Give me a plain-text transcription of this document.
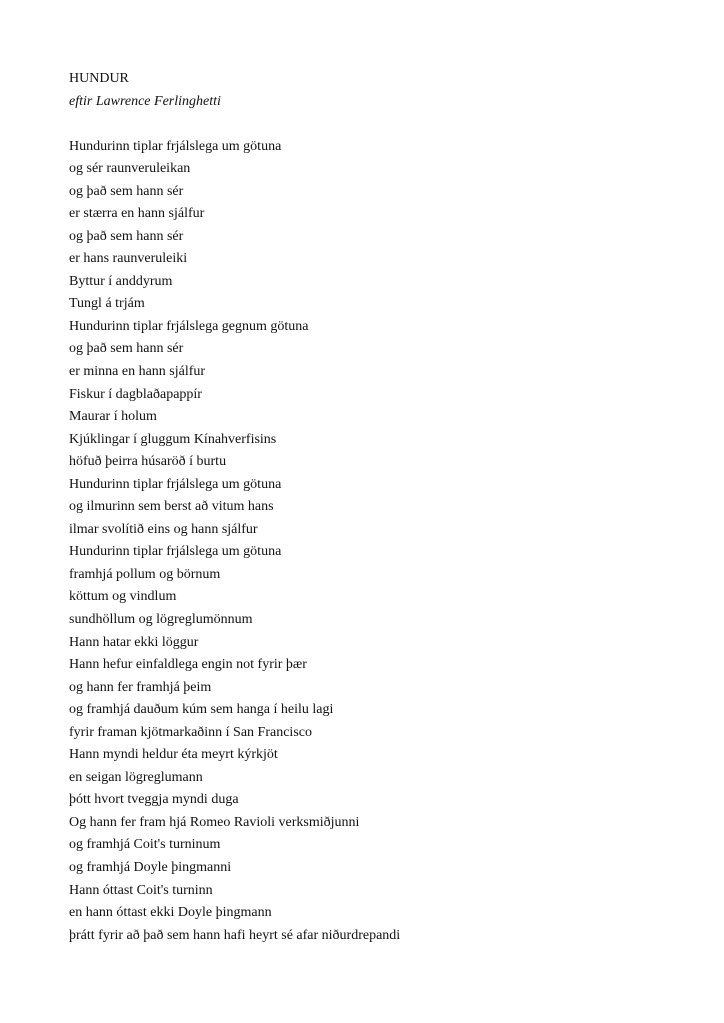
HUNDUR
eftir Lawrence Ferlinghetti
Hundurinn tiplar frjálslega um götuna
og sér raunveruleikan
og það sem hann sér
er stærra en hann sjálfur
og það sem hann sér
er hans raunveruleiki
Byttur í anddyrum
Tungl á trjám
Hundurinn tiplar frjálslega gegnum götuna
og það sem hann sér
er minna en hann sjálfur
Fiskur í dagblaðapappír
Maurar í holum
Kjúklingar í gluggum Kínahverfisins
höfuð þeirra húsaröð í burtu
Hundurinn tiplar frjálslega um götuna
og ilmurinn sem berst að vitum hans
ilmar svolítið eins og hann sjálfur
Hundurinn tiplar frjálslega um götuna
framhjá pollum og börnum
köttum og vindlum
sundhöllum og lögreglumönnum
Hann hatar ekki löggur
Hann hefur einfaldlega engin not fyrir þær
og hann fer framhjá þeim
og framhjá dauðum kúm sem hanga í heilu lagi
fyrir framan kjötmarkaðinn í San Francisco
Hann myndi heldur éta meyrt kýrkjöt
en seigan lögreglumann
þótt hvort tveggja myndi duga
Og hann fer fram hjá Romeo Ravioli verksmiðjunni
og framhjá Coit's turninum
og framhjá Doyle þingmanni
Hann óttast Coit's turninn
en hann óttast ekki Doyle þingmann
þrátt fyrir að það sem hann hafi heyrt sé afar niðurdrepandi
